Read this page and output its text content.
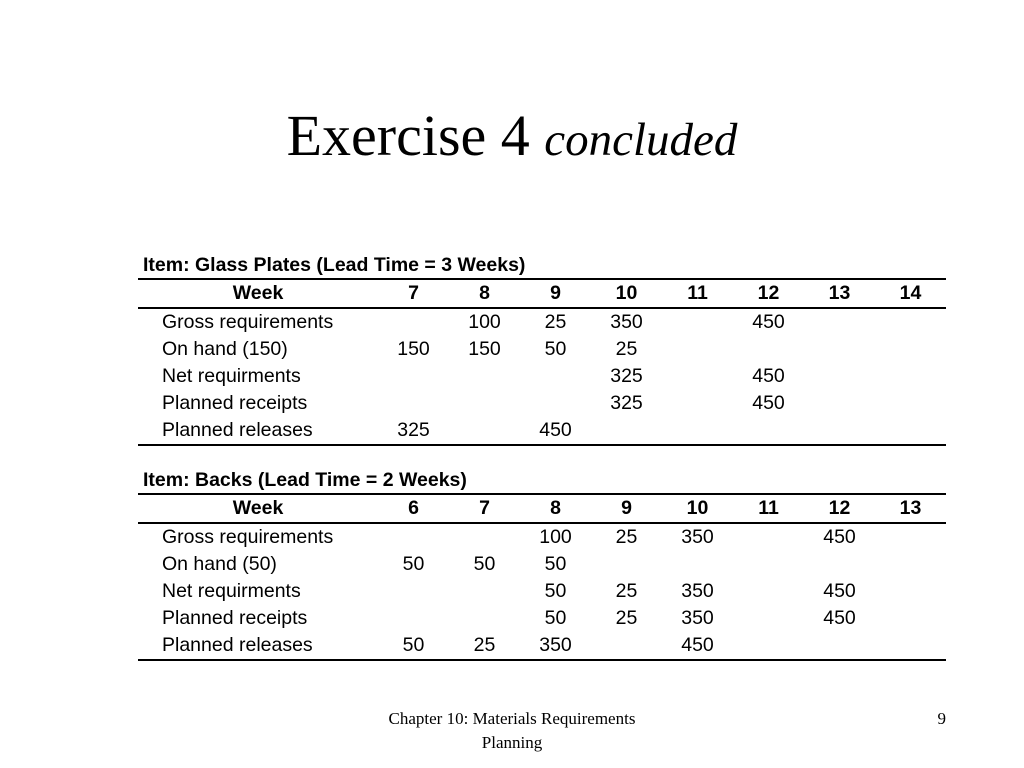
Exercise 4 concluded
Item: Glass Plates (Lead Time = 3 Weeks)
Week	7	8	9	10	11	12	13	14
Gross requirements		100	25	350		450		
On hand (150)	150	150	50	25				
Net requirments				325		450		
Planned receipts				325		450		
Planned releases	325		450					
Item: Backs (Lead Time = 2 Weeks)
Week	6	7	8	9	10	11	12	13
Gross requirements			100	25	350		450	
On hand (50)	50	50	50					
Net requirments			50	25	350		450	
Planned receipts			50	25	350		450	
Planned releases	50	25	350		450			
Chapter 10: Materials Requirements
Planning
9
